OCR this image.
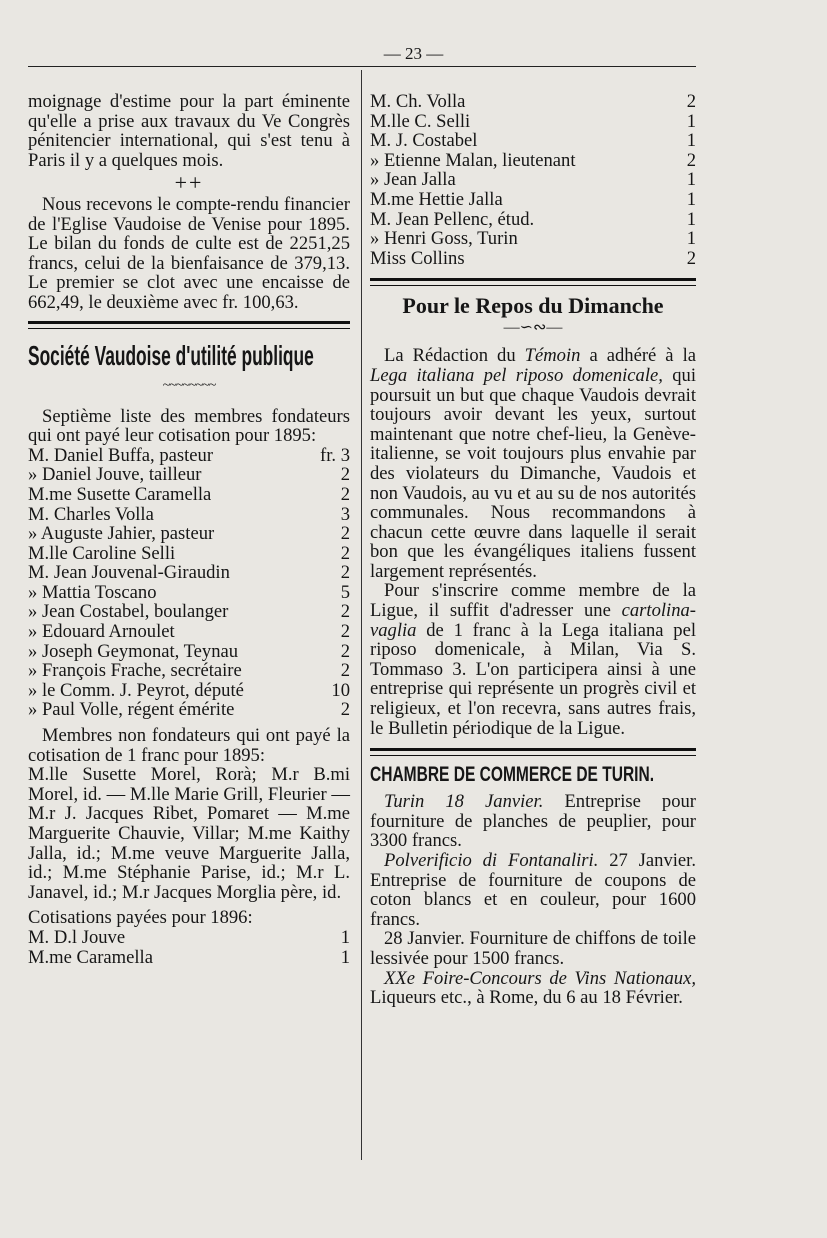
— 23 —

moignage d'estime pour la part éminente qu'elle a prise aux travaux du Ve Congrès pénitencier international, qui s'est tenu à Paris il y a quelques mois.

++

Nous recevons le compte-rendu financier de l'Eglise Vaudoise de Venise pour 1895. Le bilan du fonds de culte est de 2251,25 francs, celui de la bienfaisance de 379,13. Le premier se clot avec une encaisse de 662,49, le deuxième avec fr. 100,63.

Société Vaudoise d'utilité publique
~~~~~~~~

Septième liste des membres fondateurs qui ont payé leur cotisation pour 1895:

M. Daniel Buffa, pasteur	fr. 3
» Daniel Jouve, tailleur	2
M.me Susette Caramella	2
M. Charles Volla	3
» Auguste Jahier, pasteur	2
M.lle Caroline Selli	2
M. Jean Jouvenal-Giraudin	2
» Mattia Toscano	5
» Jean Costabel, boulanger	2
» Edouard Arnoulet	2
» Joseph Geymonat, Teynau	2
» François Frache, secrétaire	2
» le Comm. J. Peyrot, député	10
» Paul Volle, régent émérite	2

Membres non fondateurs qui ont payé la cotisation de 1 franc pour 1895:

M.lle Susette Morel, Rorà; M.r B.mi Morel, id. — M.lle Marie Grill, Fleurier — M.r J. Jacques Ribet, Pomaret — M.me Marguerite Chauvie, Villar; M.me Kaithy Jalla, id.; M.me veuve Marguerite Jalla, id.; M.me Stéphanie Parise, id.; M.r L. Janavel, id.; M.r Jacques Morglia père, id.

Cotisations payées pour 1896:

M. D.l Jouve	1
M.me Caramella	1
M. Ch. Volla	2
M.lle C. Selli	1
M. J. Costabel	1
» Etienne Malan, lieutenant	2
» Jean Jalla	1
M.me Hettie Jalla	1
M. Jean Pellenc, étud.	1
» Henri Goss, Turin	1
Miss Collins	2
Pour le Repos du Dimanche
—∽∾—

La Rédaction du Témoin a adhéré à la Lega italiana pel riposo domenicale, qui poursuit un but que chaque Vaudois devrait toujours avoir devant les yeux, surtout maintenant que notre chef-lieu, la Genève-italienne, se voit toujours plus envahie par des violateurs du Dimanche, Vaudois et non Vaudois, au vu et au su de nos autorités communales. Nous recommandons à chacun cette œuvre dans laquelle il serait bon que les évangéliques italiens fussent largement représentés.

Pour s'inscrire comme membre de la Ligue, il suffit d'adresser une cartolina-vaglia de 1 franc à la Lega italiana pel riposo domenicale, à Milan, Via S. Tommaso 3. L'on participera ainsi à une entreprise qui représente un progrès civil et religieux, et l'on recevra, sans autres frais, le Bulletin périodique de la Ligue.

CHAMBRE DE COMMERCE DE TURIN.

Turin 18 Janvier. Entreprise pour fourniture de planches de peuplier, pour 3300 francs.

Polverificio di Fontanaliri. 27 Janvier. Entreprise de fourniture de coupons de coton blancs et en couleur, pour 1600 francs.

28 Janvier. Fourniture de chiffons de toile lessivée pour 1500 francs.

XXe Foire-Concours de Vins Nationaux, Liqueurs etc., à Rome, du 6 au 18 Février.
